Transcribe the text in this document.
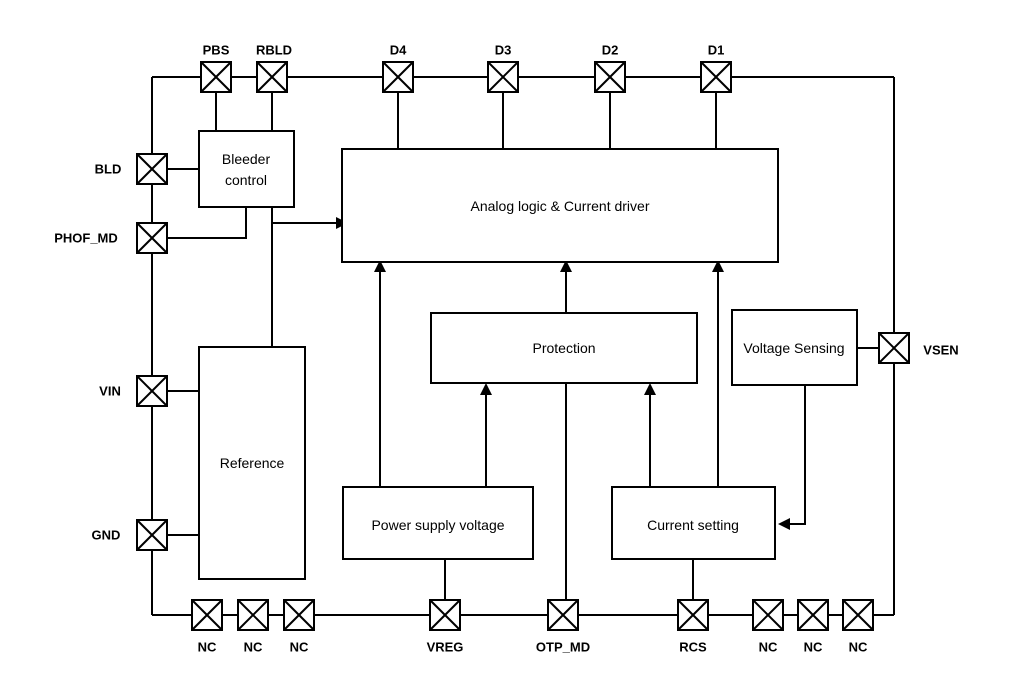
Bleeder
control
Analog logic & Current driver
Protection	Voltage Sensing
Reference
Power supply voltage	Current setting
PBS RBLD	D4	D3	D2	D1
BLD
PHOF_MD
VIN
GND
VSEN
NC NC NC	VREG	OTP_MD	RCS	NC NC NC
